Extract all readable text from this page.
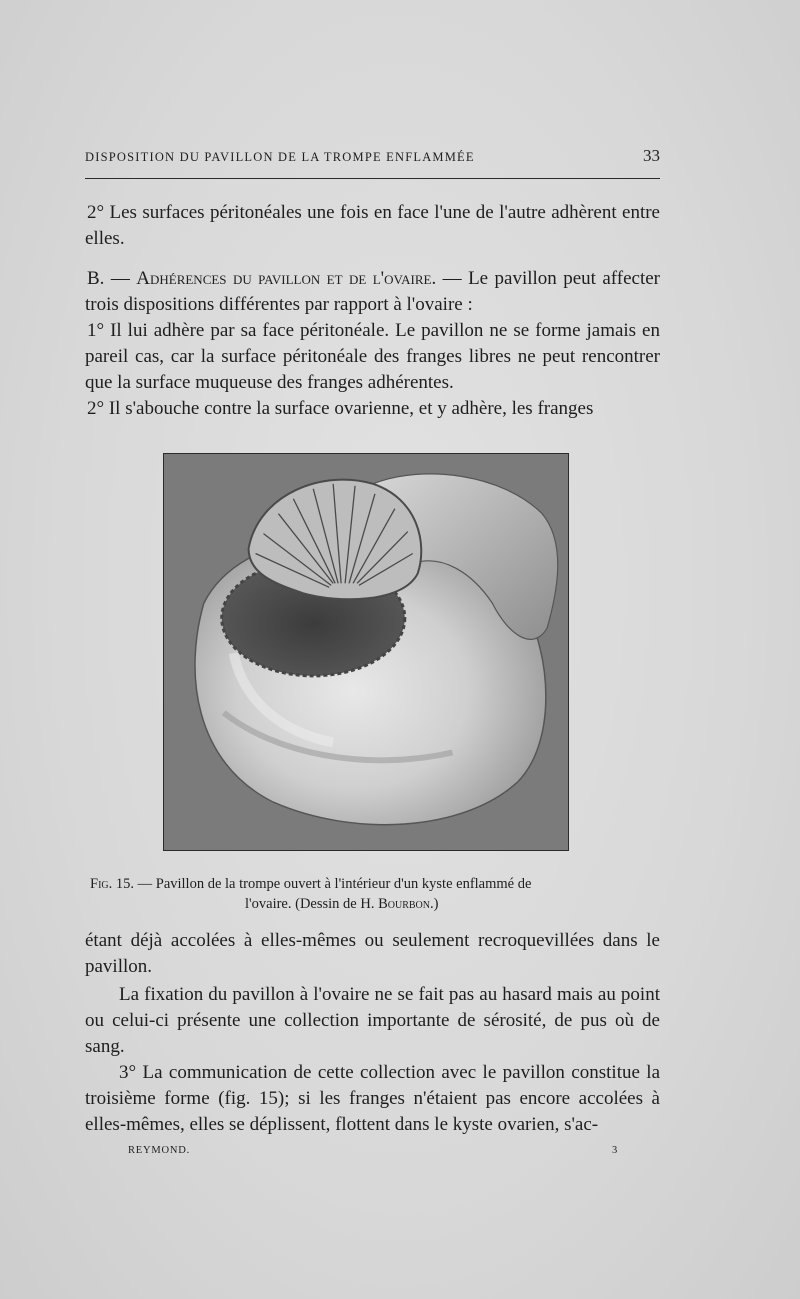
DISPOSITION DU PAVILLON DE LA TROMPE ENFLAMMÉE	33

2° Les surfaces péritonéales une fois en face l'une de l'autre adhèrent entre elles.

B. — Adhérences du pavillon et de l'ovaire. — Le pavillon peut affecter trois dispositions différentes par rapport à l'ovaire :

1° Il lui adhère par sa face péritonéale. Le pavillon ne se forme jamais en pareil cas, car la surface péritonéale des franges libres ne peut rencontrer que la surface muqueuse des franges adhérentes.

2° Il s'abouche contre la surface ovarienne, et y adhère, les franges

Fig. 15. — Pavillon de la trompe ouvert à l'intérieur d'un kyste enflammé de
l'ovaire. (Dessin de H. Bourbon.)

étant déjà accolées à elles-mêmes ou seulement recroquevillées dans le pavillon.

La fixation du pavillon à l'ovaire ne se fait pas au hasard mais au point ou celui-ci présente une collection importante de sérosité, de pus où de sang.

3° La communication de cette collection avec le pavillon constitue la troisième forme (fig. 15); si les franges n'étaient pas encore accolées à elles-mêmes, elles se déplissent, flottent dans le kyste ovarien, s'ac-

REYMOND.	3
